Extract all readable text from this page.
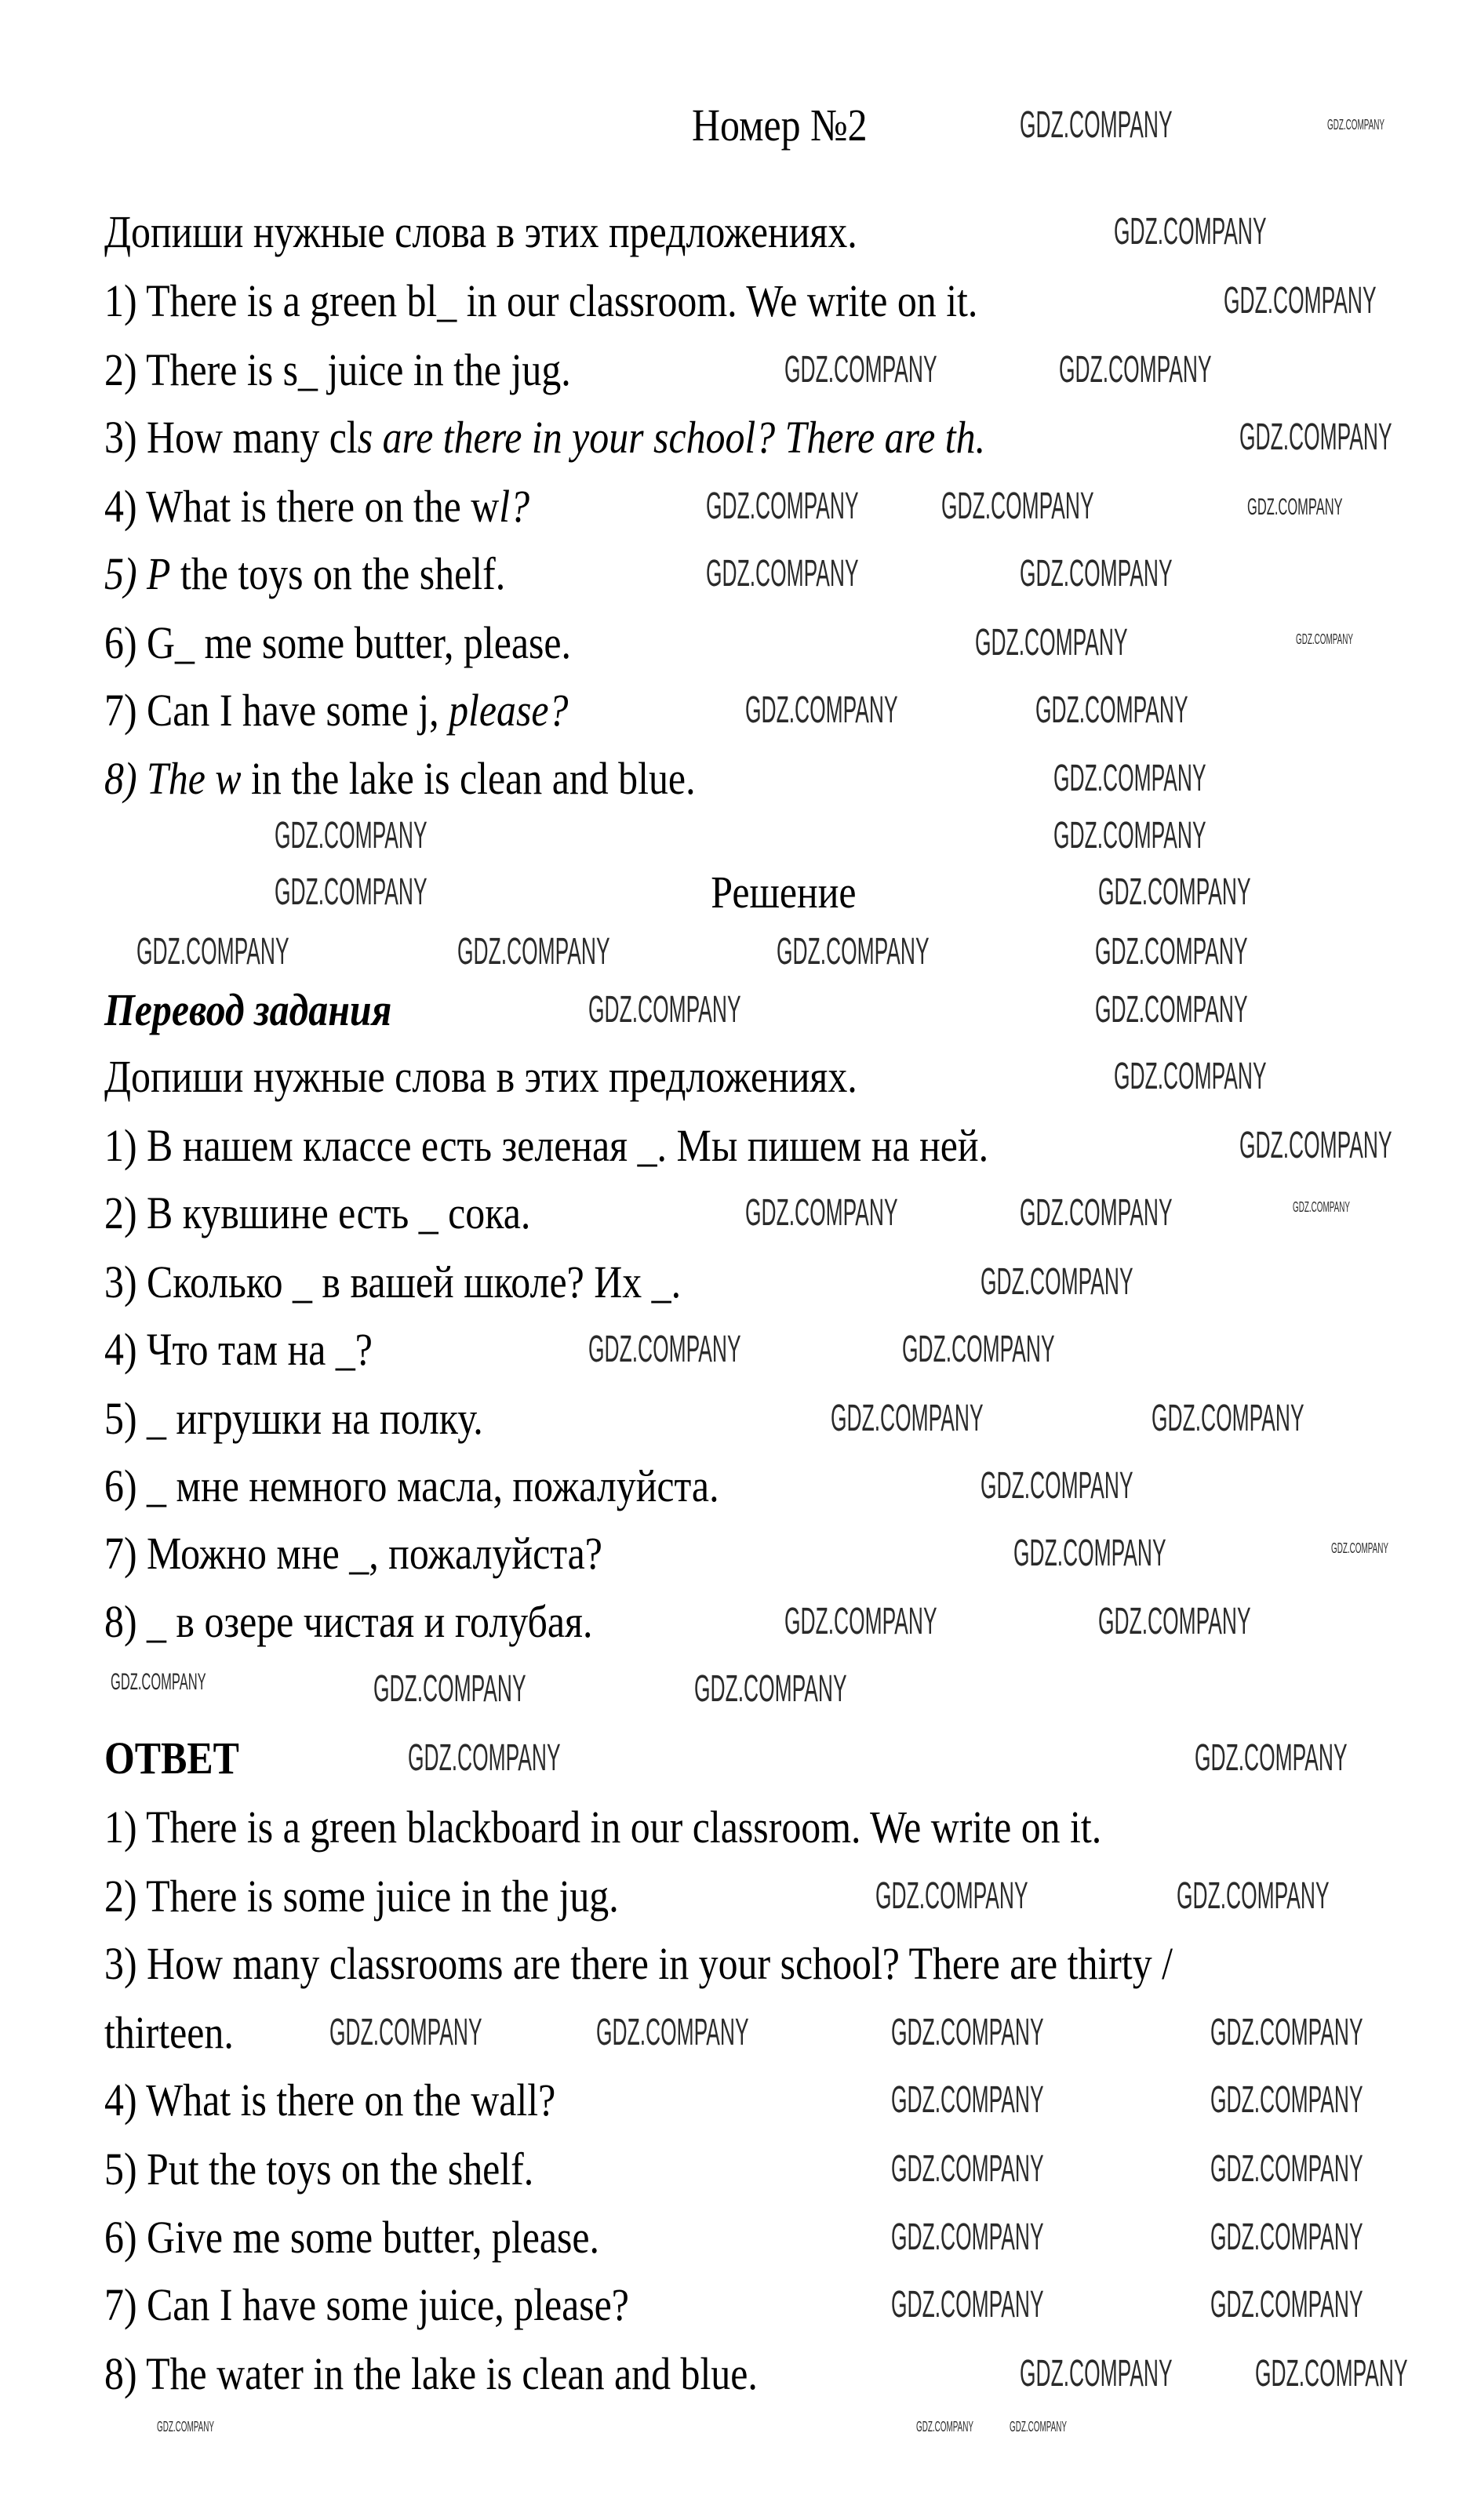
Номер №2
Допиши нужные слова в этих предложениях.
1) There is a green bl_ in our classroom. We write on it.
2) There is s_ juice in the jug.
3) How many cls are there in your school? There are th.
4) What is there on the wl?
5) P the toys on the shelf.
6) G_ me some butter, please.
7) Can I have some j, please?
8) The w in the lake is clean and blue.
Решение
Перевод задания
Допиши нужные слова в этих предложениях.
1) В нашем классе есть зеленая _. Мы пишем на ней.
2) В кувшине есть _ сока.
3) Сколько _ в вашей школе? Их _.
4) Что там на _?
5) _ игрушки на полку.
6) _ мне немного масла, пожалуйста.
7) Можно мне _, пожалуйста?
8) _ в озере чистая и голубая.
ОТВЕТ
1) There is a green blackboard in our classroom. We write on it.
2) There is some juice in the jug.
3) How many classrooms are there in your school? There are thirty /
thirteen.
4) What is there on the wall?
5) Put the toys on the shelf.
6) Give me some butter, please.
7) Can I have some juice, please?
8) The water in the lake is clean and blue.
GDZ.COMPANY	GDZ.COMPANY
GDZ.COMPANY
GDZ.COMPANY
GDZ.COMPANY	GDZ.COMPANY
GDZ.COMPANY
GDZ.COMPANY GDZ.COMPANY	GDZ.COMPANY
GDZ.COMPANY	GDZ.COMPANY
GDZ.COMPANY	GDZ.COMPANY
GDZ.COMPANY	GDZ.COMPANY
GDZ.COMPANY
GDZ.COMPANY	GDZ.COMPANY
GDZ.COMPANY	GDZ.COMPANY
GDZ.COMPANY	GDZ.COMPANY	GDZ.COMPANY	GDZ.COMPANY
GDZ.COMPANY	GDZ.COMPANY
GDZ.COMPANY
GDZ.COMPANY
GDZ.COMPANY	GDZ.COMPANY	GDZ.COMPANY
GDZ.COMPANY
GDZ.COMPANY	GDZ.COMPANY
GDZ.COMPANY	GDZ.COMPANY
GDZ.COMPANY
GDZ.COMPANY	GDZ.COMPANY
GDZ.COMPANY	GDZ.COMPANY
GDZ.COMPANY	GDZ.COMPANY	GDZ.COMPANY
GDZ.COMPANY	GDZ.COMPANY
GDZ.COMPANY	GDZ.COMPANY
GDZ.COMPANY	GDZ.COMPANY	GDZ.COMPANY	GDZ.COMPANY
GDZ.COMPANY	GDZ.COMPANY
GDZ.COMPANY	GDZ.COMPANY
GDZ.COMPANY	GDZ.COMPANY
GDZ.COMPANY	GDZ.COMPANY
GDZ.COMPANY GDZ.COMPANY
GDZ.COMPANY	GDZ.COMPANY	GDZ.COMPANY
